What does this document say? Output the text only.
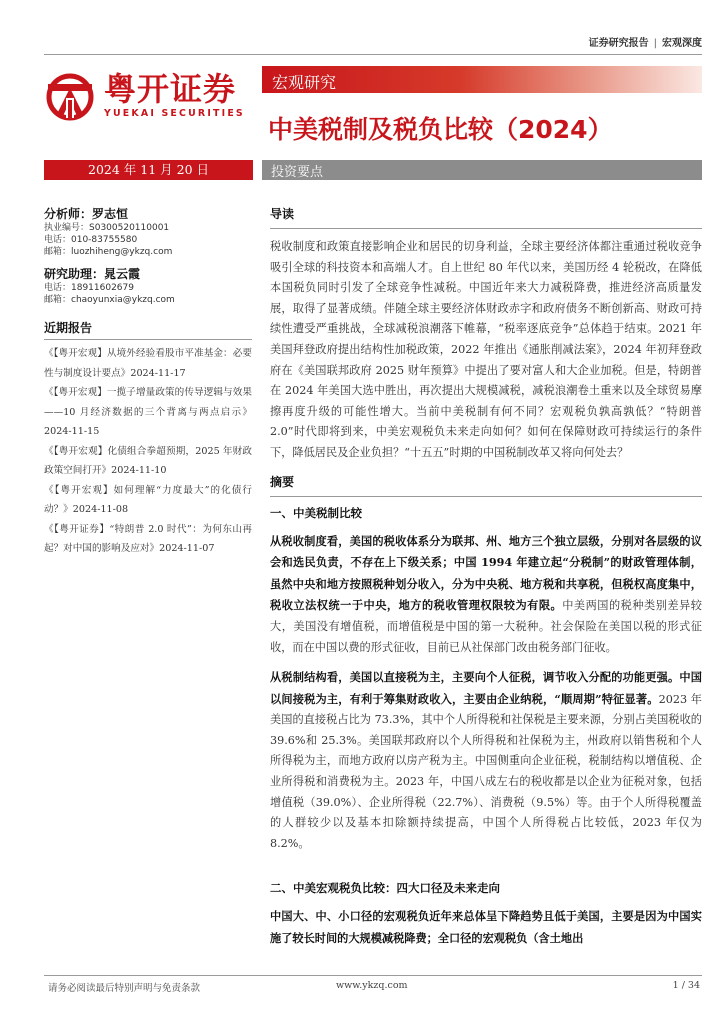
证券研究报告 | 宏观深度
粤开证券
YUEKAI SECURITIES
宏观研究
中美税制及税负比较（2024）
2024 年 11 月 20 日	投资要点
分析师：罗志恒
执业编号：S0300520110001
电话：010-83755580
邮箱：luozhiheng@ykzq.com
研究助理：晁云霞
电话：18911602679
邮箱：chaoyunxia@ykzq.com
近期报告
《【粤开宏观】从境外经验看股市平准基金：必要性与制度设计要点》2024-11-17
《【粤开宏观】一揽子增量政策的传导逻辑与效果——10 月经济数据的三个背离与两点启示》2024-11-15
《【粤开宏观】化债组合拳超预期，2025 年财政政策空间打开》2024-11-10
《【粤开宏观】如何理解“力度最大”的化债行动？》2024-11-08
《【粤开证券】“特朗普 2.0 时代”：为何东山再起？对中国的影响及应对》2024-11-07
导读
税收制度和政策直接影响企业和居民的切身利益，全球主要经济体都注重通过税收竞争吸引全球的科技资本和高端人才。自上世纪 80 年代以来，美国历经 4 轮税改，在降低本国税负同时引发了全球竞争性减税。中国近年来大力减税降费，推进经济高质量发展，取得了显著成绩。伴随全球主要经济体财政赤字和政府债务不断创新高、财政可持续性遭受严重挑战，全球减税浪潮落下帷幕，“税率逐底竞争”总体趋于结束。2021 年美国拜登政府提出结构性加税政策，2022 年推出《通胀削减法案》，2024 年初拜登政府在《美国联邦政府 2025 财年预算》中提出了要对富人和大企业加税。但是，特朗普在 2024 年美国大选中胜出，再次提出大规模减税，减税浪潮卷土重来以及全球贸易摩擦再度升级的可能性增大。当前中美税制有何不同？宏观税负孰高孰低？“特朗普 2.0”时代即将到来，中美宏观税负未来走向如何？如何在保障财政可持续运行的条件下，降低居民及企业负担？“十五五”时期的中国税制改革又将向何处去？
摘要
一、中美税制比较
从税收制度看，美国的税收体系分为联邦、州、地方三个独立层级，分别对各层级的议会和选民负责，不存在上下级关系；中国 1994 年建立起“分税制”的财政管理体制，虽然中央和地方按照税种划分收入，分为中央税、地方税和共享税，但税权高度集中，税收立法权统一于中央，地方的税收管理权限较为有限。中美两国的税种类别差异较大，美国没有增值税，而增值税是中国的第一大税种。社会保险在美国以税的形式征收，而在中国以费的形式征收，目前已从社保部门改由税务部门征收。
从税制结构看，美国以直接税为主，主要向个人征税，调节收入分配的功能更强。中国以间接税为主，有利于筹集财政收入，主要由企业纳税，“顺周期”特征显著。2023 年美国的直接税占比为 73.3%，其中个人所得税和社保税是主要来源，分别占美国税收的 39.6%和 25.3%。美国联邦政府以个人所得税和社保税为主，州政府以销售税和个人所得税为主，而地方政府以房产税为主。中国侧重向企业征税，税制结构以增值税、企业所得税和消费税为主。2023 年，中国八成左右的税收都是以企业为征税对象，包括增值税（39.0%）、企业所得税（22.7%）、消费税（9.5%）等。由于个人所得税覆盖的人群较少以及基本扣除额持续提高，中国个人所得税占比较低，2023 年仅为 8.2%。
二、中美宏观税负比较：四大口径及未来走向
中国大、中、小口径的宏观税负近年来总体呈下降趋势且低于美国，主要是因为中国实施了较长时间的大规模减税降费；全口径的宏观税负（含土地出
请务必阅读最后特别声明与免责条款	www.ykzq.com	1 / 34
